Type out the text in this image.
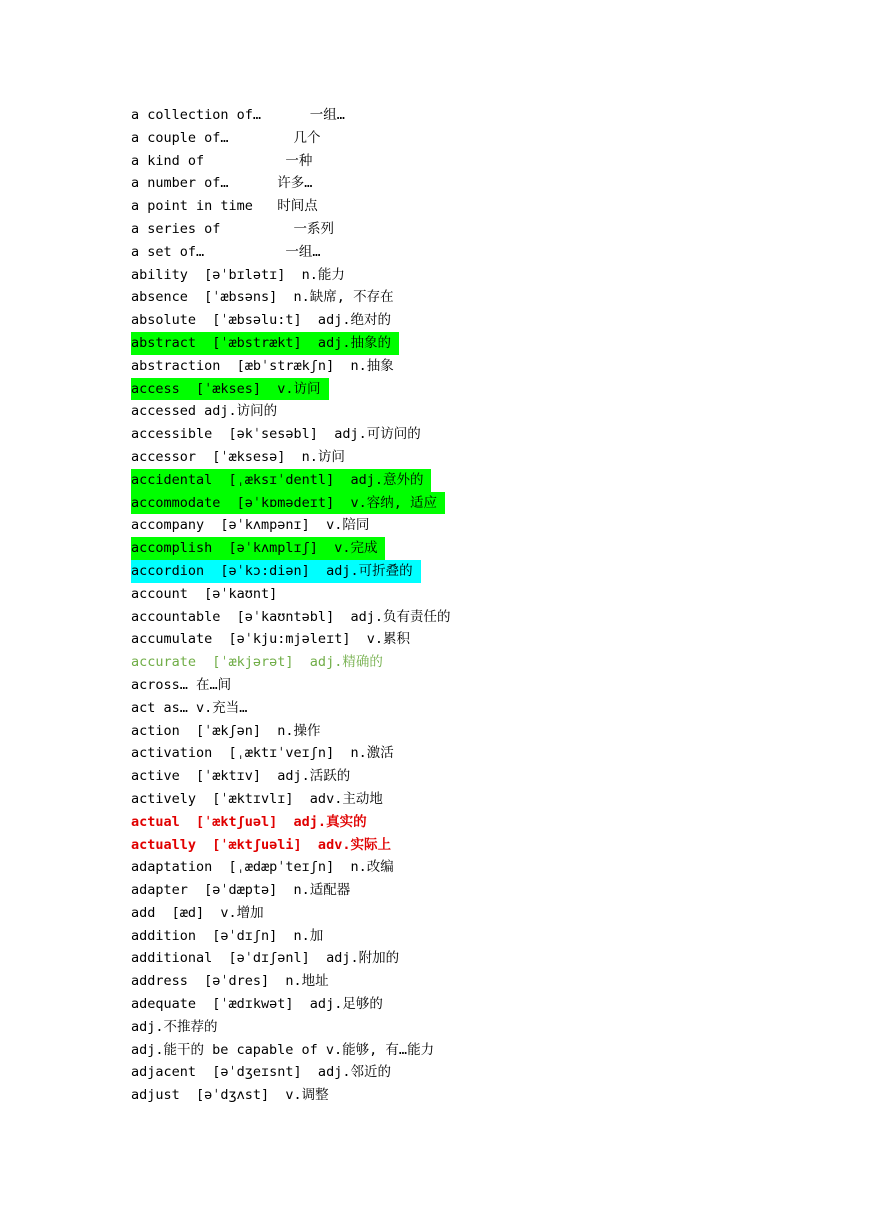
a collection of…      一组…
a couple of…        几个
a kind of          一种
a number of…      许多…
a point in time   时间点
a series of         一系列
a set of…          一组…
ability  [əˈbɪlətɪ]  n.能力
absence  [ˈæbsəns]  n.缺席, 不存在
absolute  [ˈæbsəlu:t]  adj.绝对的
abstract  [ˈæbstrækt]  adj.抽象的
abstraction  [æbˈstrækʃn]  n.抽象
access  [ˈækses]  v.访问
accessed adj.访问的
accessible  [əkˈsesəbl]  adj.可访问的
accessor  [ˈæksesə]  n.访问
accidental  [ˌæksɪˈdentl]  adj.意外的
accommodate  [əˈkɒmədeɪt]  v.容纳, 适应
accompany  [əˈkʌmpənɪ]  v.陪同
accomplish  [əˈkʌmplɪʃ]  v.完成
accordion  [əˈkɔ:diən]  adj.可折叠的
account  [əˈkaʊnt]
accountable  [əˈkaʊntəbl]  adj.负有责任的
accumulate  [əˈkju:mjəleɪt]  v.累积
accurate  [ˈækjərət]  adj.精确的
across… 在…间
act as… v.充当…
action  [ˈækʃən]  n.操作
activation  [ˌæktɪˈveɪʃn]  n.激活
active  [ˈæktɪv]  adj.活跃的
actively  [ˈæktɪvlɪ]  adv.主动地
actual  [ˈæktʃuəl]  adj.真实的
actually  [ˈæktʃuəli]  adv.实际上
adaptation  [ˌædæpˈteɪʃn]  n.改编
adapter  [əˈdæptə]  n.适配器
add  [æd]  v.增加
addition  [əˈdɪʃn]  n.加
additional  [əˈdɪʃənl]  adj.附加的
address  [əˈdres]  n.地址
adequate  [ˈædɪkwət]  adj.足够的
adj.不推荐的
adj.能干的 be capable of v.能够, 有…能力
adjacent  [əˈdʒeɪsnt]  adj.邻近的
adjust  [əˈdʒʌst]  v.调整
